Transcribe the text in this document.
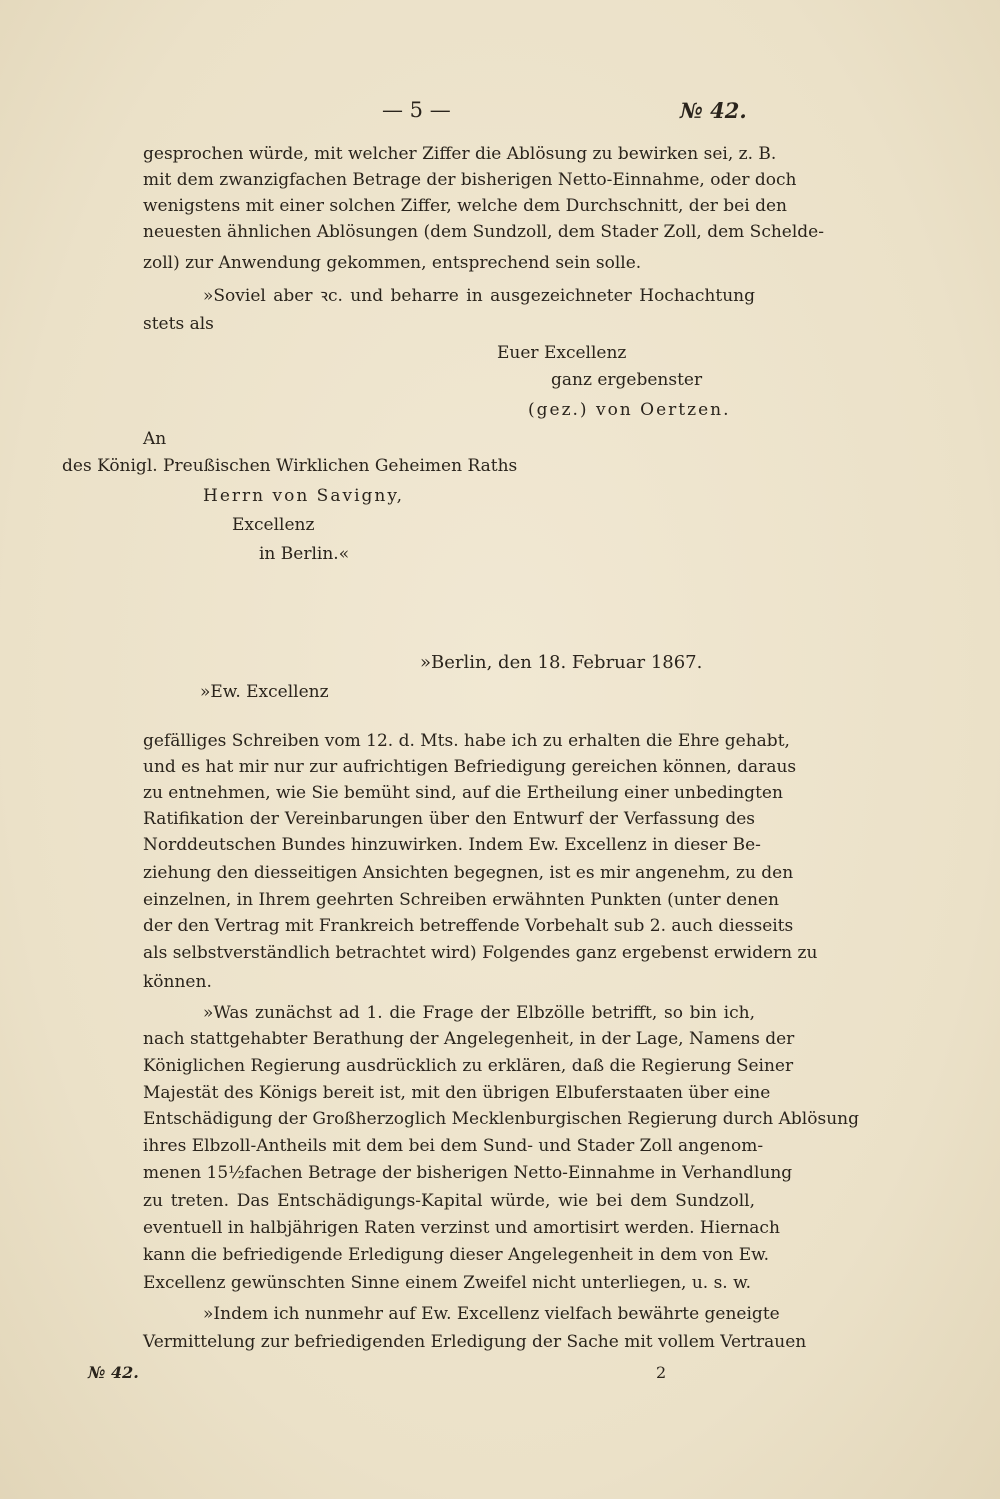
— 5 —	№ 42.
gesprochen würde, mit welcher Ziffer die Ablösung zu bewirken sei, z. B.
mit dem zwanzigfachen Betrage der bisherigen Netto-Einnahme, oder doch
wenigstens mit einer solchen Ziffer, welche dem Durchschnitt, der bei den
neuesten ähnlichen Ablösungen (dem Sundzoll, dem Stader Zoll, dem Schelde-
zoll) zur Anwendung gekommen, entsprechend sein solle.
»Soviel aber ꝛc. und beharre in ausgezeichneter Hochachtung
stets als
Euer Excellenz
ganz ergebenster
(gez.) von Oertzen.
An
des Königl. Preußischen Wirklichen Geheimen Raths
Herrn von Savigny,
Excellenz
in Berlin.«
»Berlin, den 18. Februar 1867.
»Ew. Excellenz
gefälliges Schreiben vom 12. d. Mts. habe ich zu erhalten die Ehre gehabt,
und es hat mir nur zur aufrichtigen Befriedigung gereichen können, daraus
zu entnehmen, wie Sie bemüht sind, auf die Ertheilung einer unbedingten
Ratifikation der Vereinbarungen über den Entwurf der Verfassung des
Norddeutschen Bundes hinzuwirken. Indem Ew. Excellenz in dieser Be-
ziehung den diesseitigen Ansichten begegnen, ist es mir angenehm, zu den
einzelnen, in Ihrem geehrten Schreiben erwähnten Punkten (unter denen
der den Vertrag mit Frankreich betreffende Vorbehalt sub 2. auch diesseits
als selbstverständlich betrachtet wird) Folgendes ganz ergebenst erwidern zu
können.
»Was zunächst ad 1. die Frage der Elbzölle betrifft, so bin ich,
nach stattgehabter Berathung der Angelegenheit, in der Lage, Namens der
Königlichen Regierung ausdrücklich zu erklären, daß die Regierung Seiner
Majestät des Königs bereit ist, mit den übrigen Elbuferstaaten über eine
Entschädigung der Großherzoglich Mecklenburgischen Regierung durch Ablösung
ihres Elbzoll-Antheils mit dem bei dem Sund- und Stader Zoll angenom-
menen 15½fachen Betrage der bisherigen Netto-Einnahme in Verhandlung
zu treten. Das Entschädigungs-Kapital würde, wie bei dem Sundzoll,
eventuell in halbjährigen Raten verzinst und amortisirt werden. Hiernach
kann die befriedigende Erledigung dieser Angelegenheit in dem von Ew.
Excellenz gewünschten Sinne einem Zweifel nicht unterliegen, u. s. w.
»Indem ich nunmehr auf Ew. Excellenz vielfach bewährte geneigte
Vermittelung zur befriedigenden Erledigung der Sache mit vollem Vertrauen
№ 42.	2
